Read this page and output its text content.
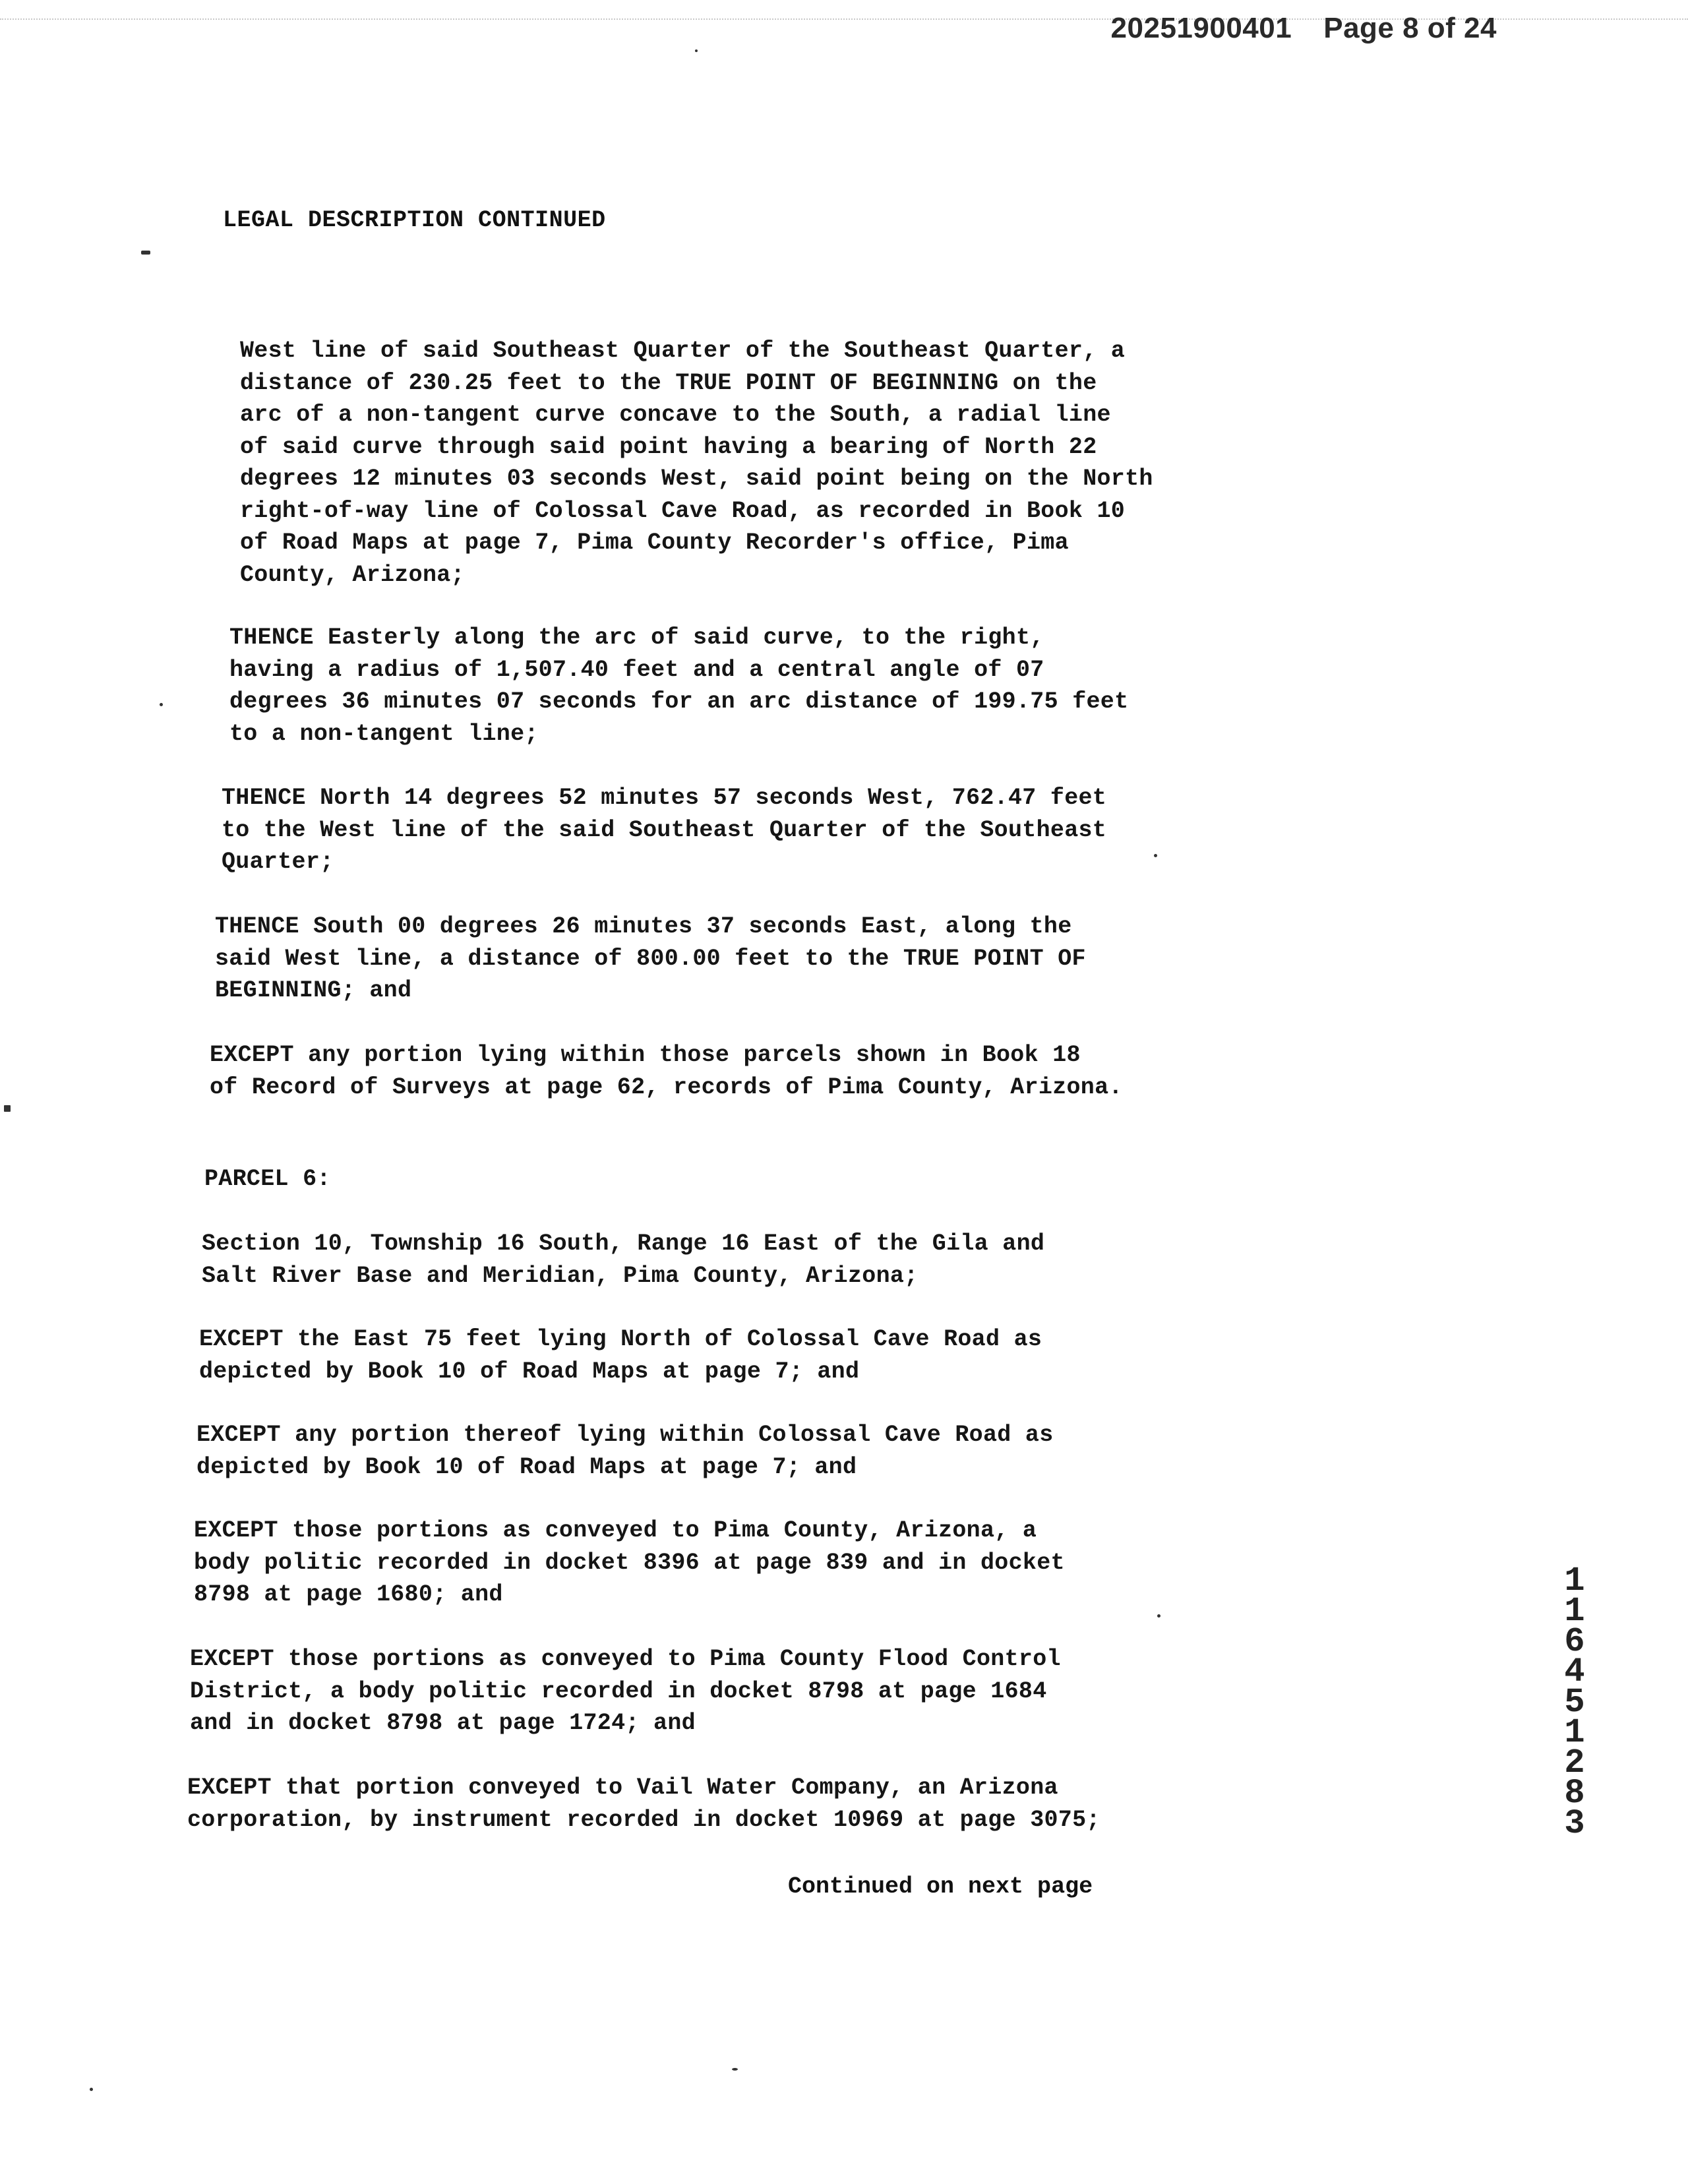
20251900401 Page 8 of 24
LEGAL DESCRIPTION CONTINUED
West line of said Southeast Quarter of the Southeast Quarter, a
distance of 230.25 feet to the TRUE POINT OF BEGINNING on the
arc of a non-tangent curve concave to the South, a radial line
of said curve through said point having a bearing of North 22
degrees 12 minutes 03 seconds West, said point being on the North
right-of-way line of Colossal Cave Road, as recorded in Book 10
of Road Maps at page 7, Pima County Recorder's office, Pima
County, Arizona;
THENCE Easterly along the arc of said curve, to the right,
having a radius of 1,507.40 feet and a central angle of 07
degrees 36 minutes 07 seconds for an arc distance of 199.75 feet
to a non-tangent line;
THENCE North 14 degrees 52 minutes 57 seconds West, 762.47 feet
to the West line of the said Southeast Quarter of the Southeast
Quarter;
THENCE South 00 degrees 26 minutes 37 seconds East, along the
said West line, a distance of 800.00 feet to the TRUE POINT OF
BEGINNING; and
EXCEPT any portion lying within those parcels shown in Book 18
of Record of Surveys at page 62, records of Pima County, Arizona.
PARCEL 6:
Section 10, Township 16 South, Range 16 East of the Gila and
Salt River Base and Meridian, Pima County, Arizona;
EXCEPT the East 75 feet lying North of Colossal Cave Road as
depicted by Book 10 of Road Maps at page 7; and
EXCEPT any portion thereof lying within Colossal Cave Road as
depicted by Book 10 of Road Maps at page 7; and
EXCEPT those portions as conveyed to Pima County, Arizona, a
body politic recorded in docket 8396 at page 839 and in docket
8798 at page 1680; and
EXCEPT those portions as conveyed to Pima County Flood Control
District, a body politic recorded in docket 8798 at page 1684
and in docket 8798 at page 1724; and
EXCEPT that portion conveyed to Vail Water Company, an Arizona
corporation, by instrument recorded in docket 10969 at page 3075;
Continued on next page
11645 1283
